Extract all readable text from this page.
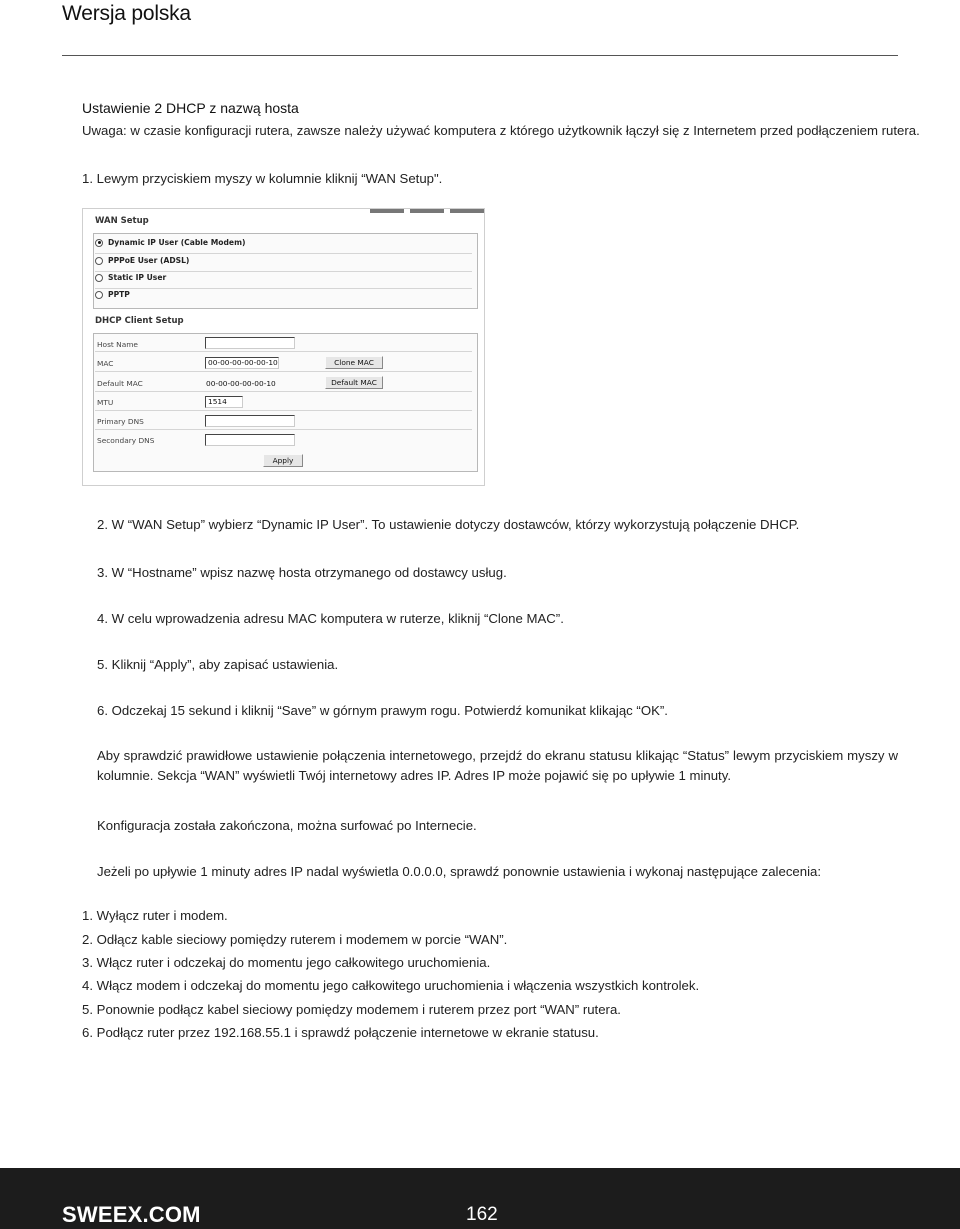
Wersja polska
Ustawienie 2 DHCP z nazwą hosta
Uwaga: w czasie konfiguracji rutera, zawsze należy używać komputera z którego użytkownik łączył się z Internetem przed podłączeniem rutera.
1. Lewym przyciskiem myszy w kolumnie kliknij “WAN Setup".
WAN Setup
Dynamic IP User (Cable Modem)
PPPoE User (ADSL)
Static IP User
PPTP
DHCP Client Setup
Host Name
MAC	00-00-00-00-00-10	Clone MAC
Default MAC	00-00-00-00-00-10	Default MAC
MTU	1514
Primary DNS
Secondary DNS
Apply
2. W “WAN Setup” wybierz “Dynamic IP User”. To ustawienie dotyczy dostawców, którzy wykorzystują połączenie DHCP.
3. W “Hostname” wpisz nazwę hosta otrzymanego od dostawcy usług.
4. W celu wprowadzenia adresu MAC komputera w ruterze, kliknij “Clone MAC”.
5. Kliknij “Apply”, aby zapisać ustawienia.
6. Odczekaj 15 sekund i kliknij “Save” w górnym prawym rogu. Potwierdź komunikat klikając “OK”.
Aby sprawdzić prawidłowe ustawienie połączenia internetowego, przejdź do ekranu statusu klikając “Status” lewym przyciskiem myszy w kolumnie. Sekcja “WAN” wyświetli Twój internetowy adres IP. Adres IP może pojawić się po upływie 1 minuty.
Konfiguracja została zakończona, można surfować po Internecie.
Jeżeli po upływie 1 minuty adres IP nadal wyświetla 0.0.0.0, sprawdź ponownie ustawienia i wykonaj następujące zalecenia:
1. Wyłącz ruter i modem.
2. Odłącz kable sieciowy pomiędzy ruterem i modemem w porcie “WAN”.
3. Włącz ruter i odczekaj do momentu jego całkowitego uruchomienia.
4. Włącz modem i odczekaj do momentu jego całkowitego uruchomienia i włączenia wszystkich kontrolek.
5. Ponownie podłącz kabel sieciowy pomiędzy modemem i ruterem przez port “WAN” rutera.
6. Podłącz ruter przez 192.168.55.1 i sprawdź połączenie internetowe w ekranie statusu.
SWEEX.COM	162
